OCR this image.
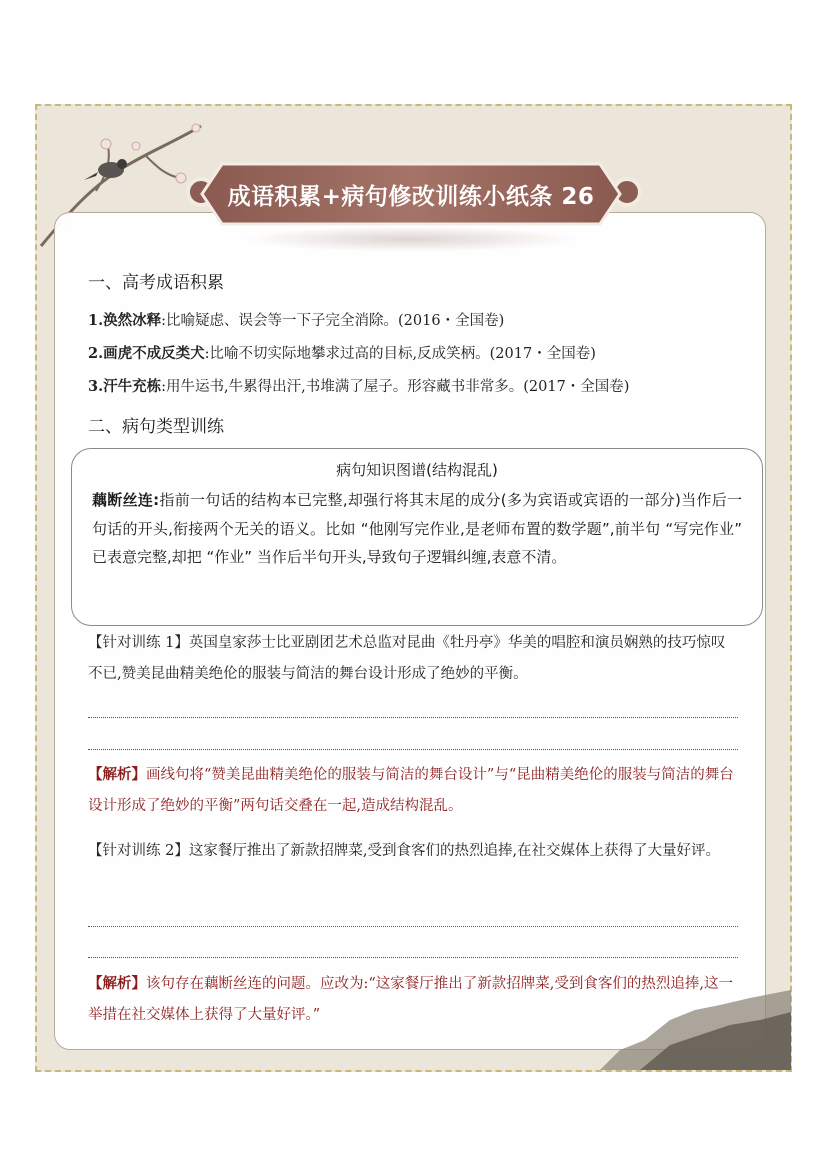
成语积累+病句修改训练小纸条 26
一、高考成语积累
1.涣然冰释:比喻疑虑、误会等一下子完全消除。(2016・全国卷)
2.画虎不成反类犬:比喻不切实际地攀求过高的目标,反成笑柄。(2017・全国卷)
3.汗牛充栋:用牛运书,牛累得出汗,书堆满了屋子。形容藏书非常多。(2017・全国卷)
二、病句类型训练
病句知识图谱(结构混乱)
藕断丝连:指前一句话的结构本已完整,却强行将其末尾的成分(多为宾语或宾语的一部分)当作后一句话的开头,衔接两个无关的语义。比如 “他刚写完作业,是老师布置的数学题”,前半句 “写完作业” 已表意完整,却把 “作业” 当作后半句开头,导致句子逻辑纠缠,表意不清。
【针对训练 1】英国皇家莎士比亚剧团艺术总监对昆曲《牡丹亭》华美的唱腔和演员娴熟的技巧惊叹不已,赞美昆曲精美绝伦的服装与简洁的舞台设计形成了绝妙的平衡。
【解析】画线句将“赞美昆曲精美绝伦的服装与简洁的舞台设计”与“昆曲精美绝伦的服装与简洁的舞台设计形成了绝妙的平衡”两句话交叠在一起,造成结构混乱。
【针对训练 2】这家餐厅推出了新款招牌菜,受到食客们的热烈追捧,在社交媒体上获得了大量好评。
【解析】该句存在藕断丝连的问题。应改为:“这家餐厅推出了新款招牌菜,受到食客们的热烈追捧,这一举措在社交媒体上获得了大量好评。”
